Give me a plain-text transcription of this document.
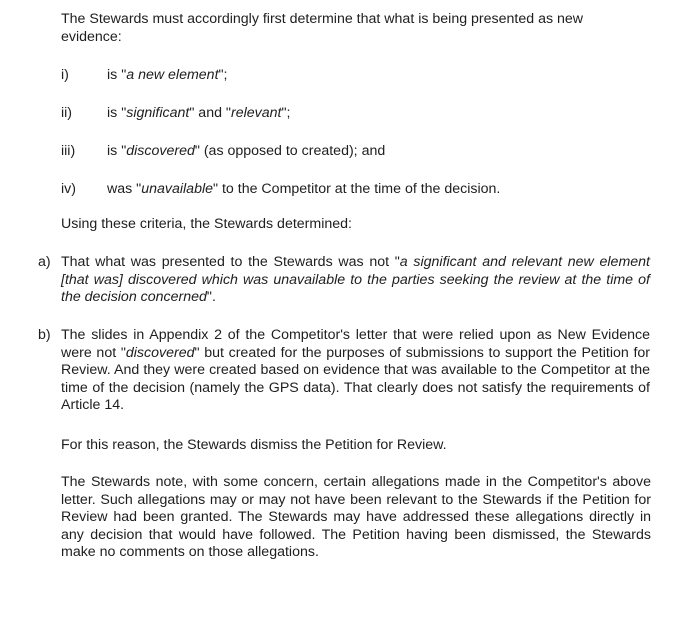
The Stewards must accordingly first determine that what is being presented as new
evidence:

i)	is "a new element";
ii) is "significant" and "relevant";
iii) is "discovered" (as opposed to created); and
iv) was "unavailable" to the Competitor at the time of the decision.

Using these criteria, the Stewards determined:

a) That what was presented to the Stewards was not "a significant and relevant new element [that was] discovered which was unavailable to the parties seeking the review at the time of the decision concerned".
b) The slides in Appendix 2 of the Competitor's letter that were relied upon as New Evidence were not "discovered" but created for the purposes of submissions to support the Petition for Review. And they were created based on evidence that was available to the Competitor at the time of the decision (namely the GPS data). That clearly does not satisfy the requirements of Article 14.

For this reason, the Stewards dismiss the Petition for Review.

The Stewards note, with some concern, certain allegations made in the Competitor's above letter. Such allegations may or may not have been relevant to the Stewards if the Petition for Review had been granted. The Stewards may have addressed these allegations directly in any decision that would have followed. The Petition having been dismissed, the Stewards make no comments on those allegations.
